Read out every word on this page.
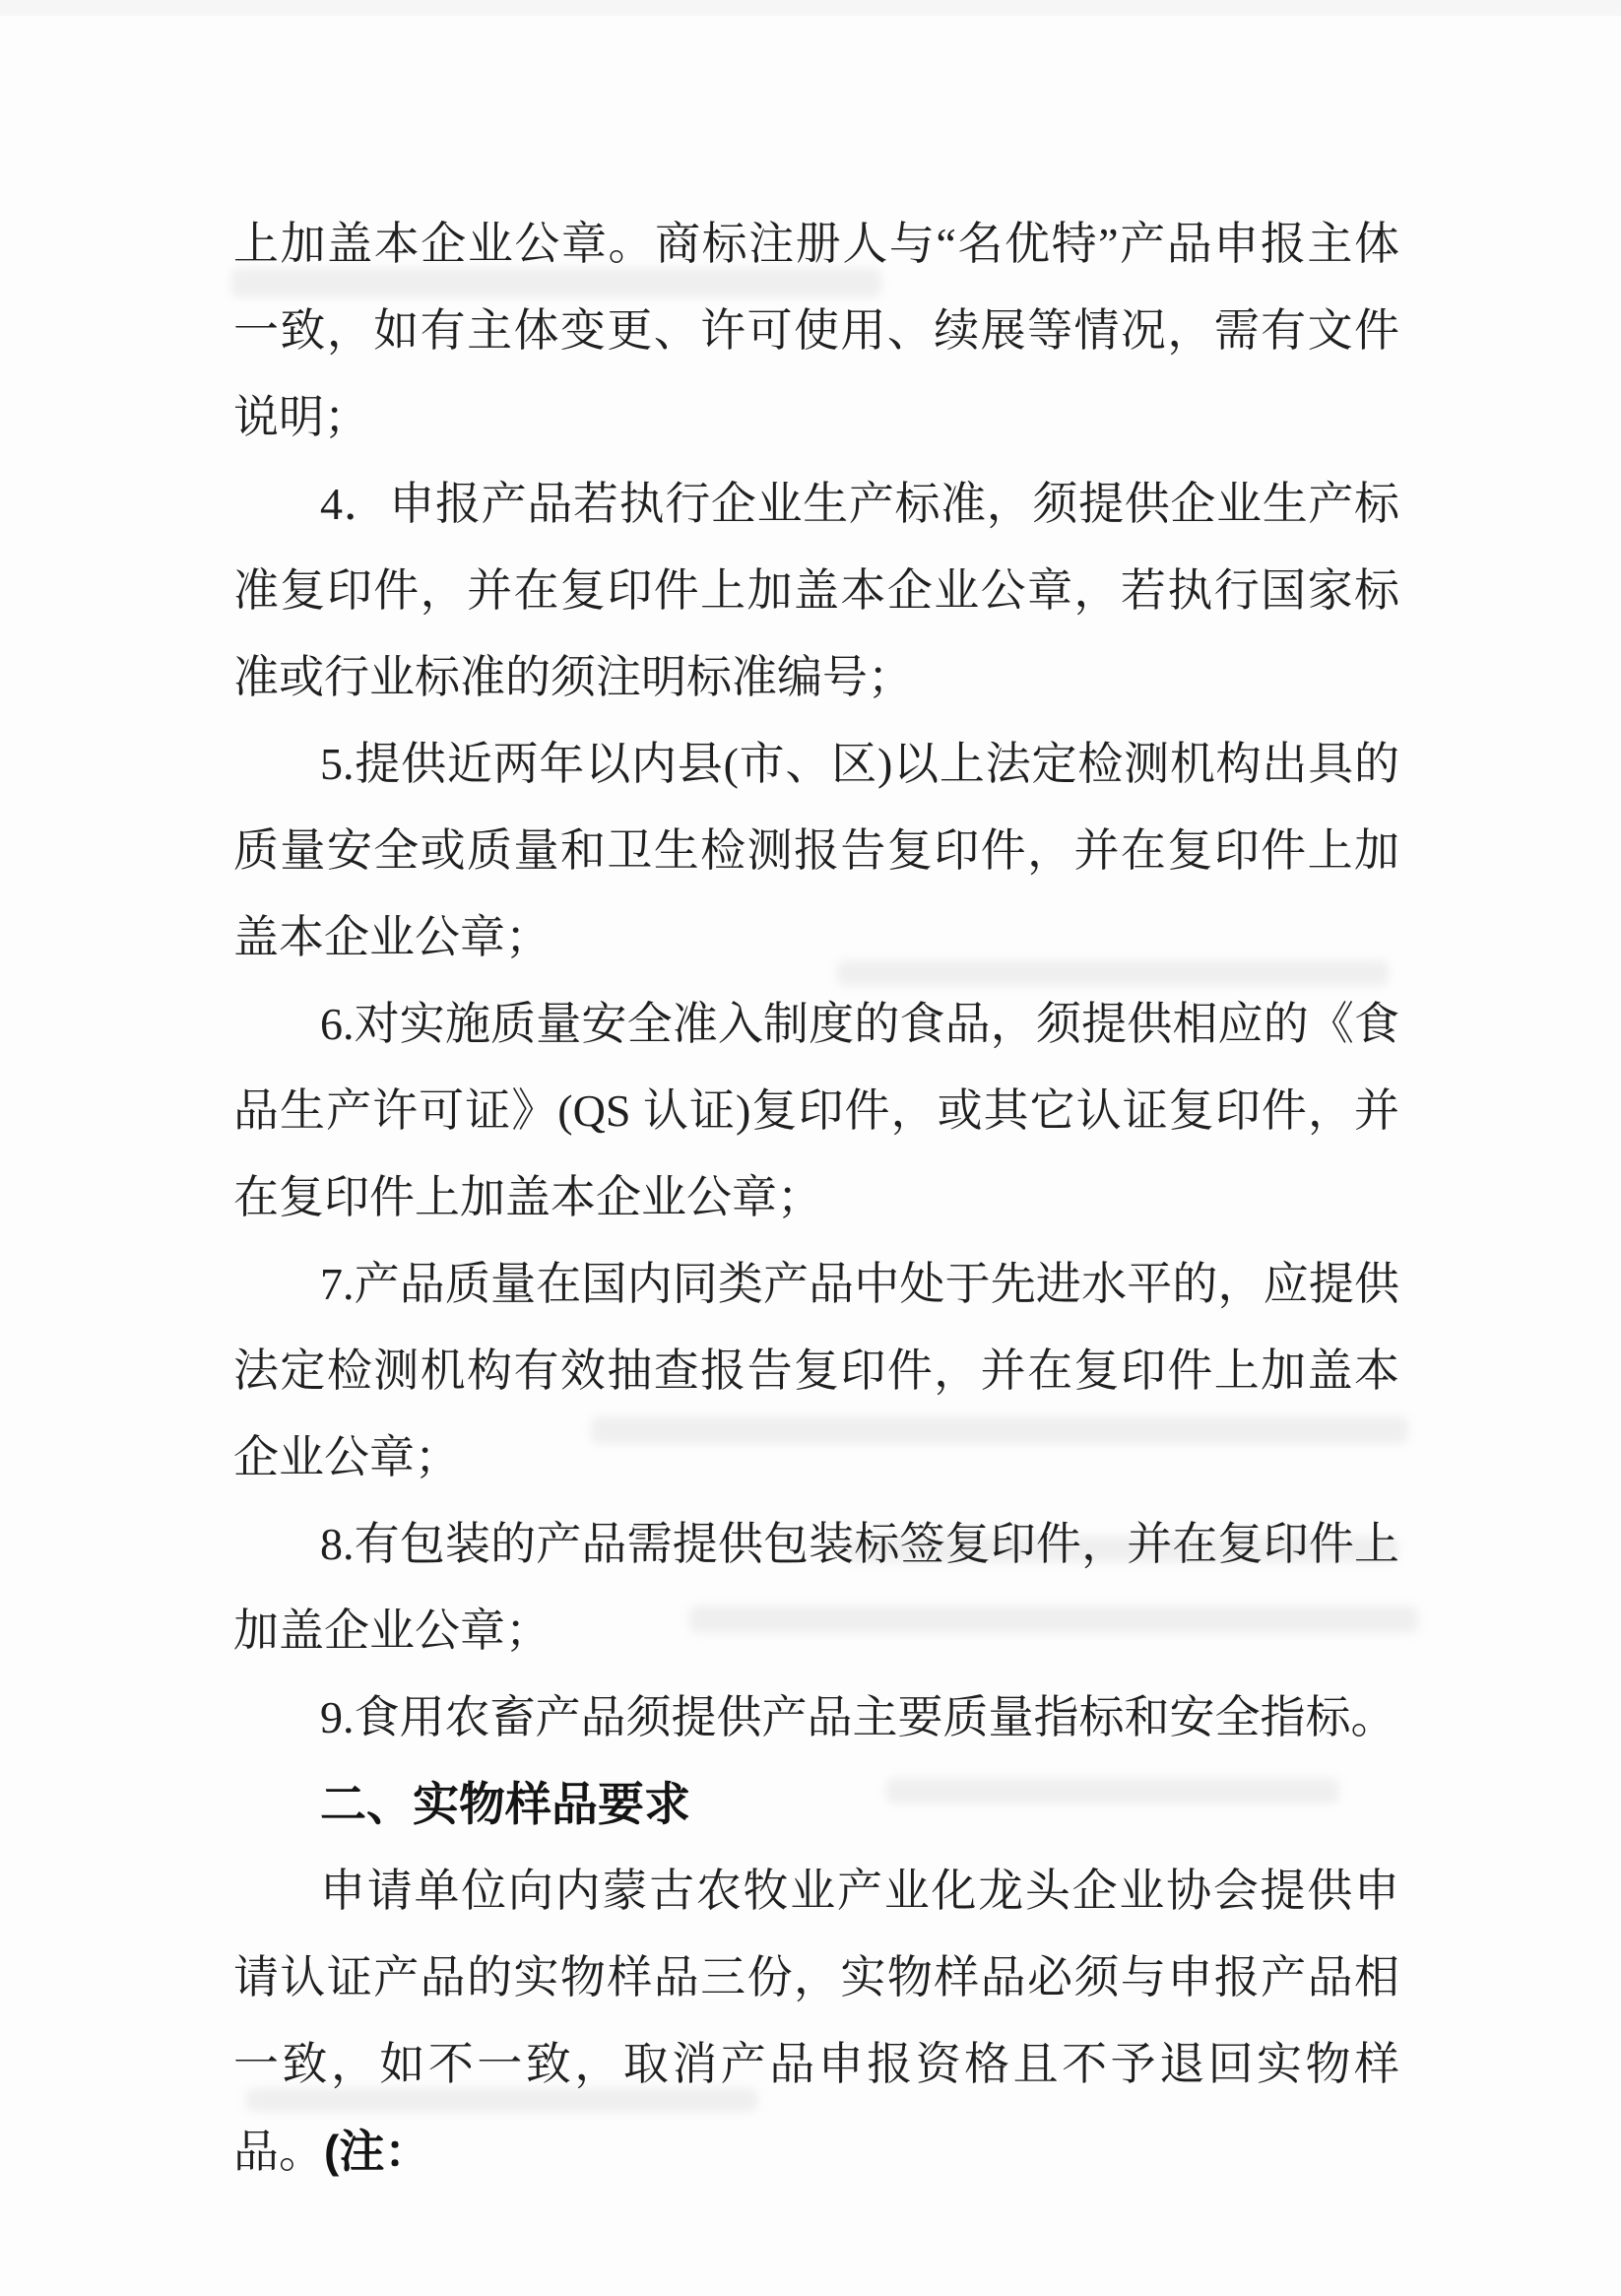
上加盖本企业公章。商标注册人与“名优特”产品申报主体一致，如有主体变更、许可使用、续展等情况，需有文件说明；

4．申报产品若执行企业生产标准，须提供企业生产标准复印件，并在复印件上加盖本企业公章，若执行国家标准或行业标准的须注明标准编号；

5.提供近两年以内县(市、区)以上法定检测机构出具的质量安全或质量和卫生检测报告复印件，并在复印件上加盖本企业公章；

6.对实施质量安全准入制度的食品，须提供相应的《食品生产许可证》(QS 认证)复印件，或其它认证复印件，并在复印件上加盖本企业公章；

7.产品质量在国内同类产品中处于先进水平的，应提供法定检测机构有效抽查报告复印件，并在复印件上加盖本企业公章；

8.有包装的产品需提供包装标签复印件，并在复印件上加盖企业公章；

9.食用农畜产品须提供产品主要质量指标和安全指标。

二、实物样品要求

申请单位向内蒙古农牧业产业化龙头企业协会提供申请认证产品的实物样品三份，实物样品必须与申报产品相一致，如不一致，取消产品申报资格且不予退回实物样品。(注：
